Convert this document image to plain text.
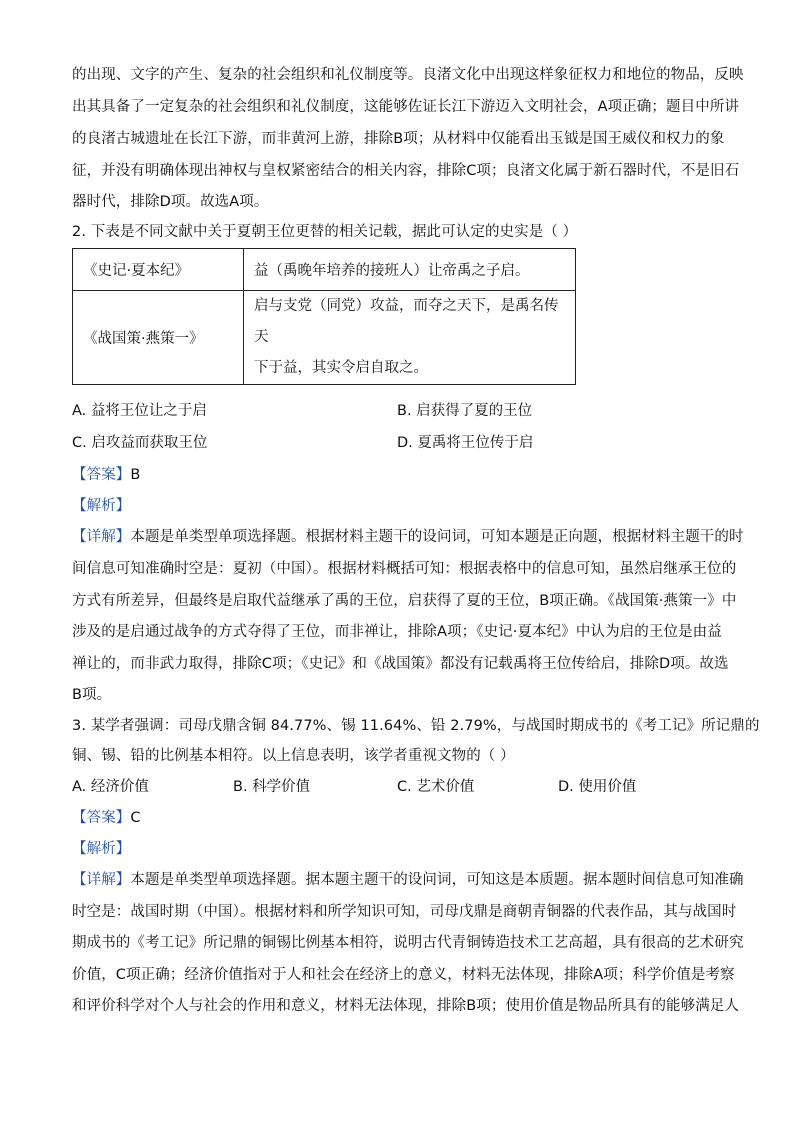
的出现、文字的产生、复杂的社会组织和礼仪制度等。良渚文化中出现这样象征权力和地位的物品，反映
出其具备了一定复杂的社会组织和礼仪制度，这能够佐证长江下游迈入文明社会，A项正确；题目中所讲
的良渚古城遗址在长江下游，而非黄河上游，排除B项；从材料中仅能看出玉钺是国王威仪和权力的象
征，并没有明确体现出神权与皇权紧密结合的相关内容，排除C项；良渚文化属于新石器时代，不是旧石
器时代，排除D项。故选A项。
2. 下表是不同文献中关于夏朝王位更替的相关记载，据此可认定的史实是（ ）
《史记·夏本纪》	益（禹晚年培养的接班人）让帝禹之子启。

《战国策·燕策一》	启与支党（同党）攻益，而夺之天下，是禹名传天
下于益，其实令启自取之。
A. 益将王位让之于启	B. 启获得了夏的王位
C. 启攻益而获取王位	D. 夏禹将王位传于启
【答案】B
【解析】
【详解】本题是单类型单项选择题。根据材料主题干的设问词，可知本题是正向题，根据材料主题干的时
间信息可知准确时空是：夏初（中国）。根据材料概括可知：根据表格中的信息可知，虽然启继承王位的
方式有所差异，但最终是启取代益继承了禹的王位，启获得了夏的王位，B项正确。《战国策·燕策一》中
涉及的是启通过战争的方式夺得了王位，而非禅让，排除A项；《史记·夏本纪》中认为启的王位是由益
禅让的，而非武力取得，排除C项；《史记》和《战国策》都没有记载禹将王位传给启，排除D项。故选
B项。
3. 某学者强调：司母戊鼎含铜 84.77%、锡 11.64%、铅 2.79%，与战国时期成书的《考工记》所记鼎的
铜、锡、铅的比例基本相符。以上信息表明，该学者重视文物的（ ）
A. 经济价值	B. 科学价值	C. 艺术价值	D. 使用价值
【答案】C
【解析】
【详解】本题是单类型单项选择题。据本题主题干的设问词，可知这是本质题。据本题时间信息可知准确
时空是：战国时期（中国）。根据材料和所学知识可知，司母戊鼎是商朝青铜器的代表作品，其与战国时
期成书的《考工记》所记鼎的铜锡比例基本相符，说明古代青铜铸造技术工艺高超，具有很高的艺术研究
价值，C项正确；经济价值指对于人和社会在经济上的意义，材料无法体现，排除A项；科学价值是考察
和评价科学对个人与社会的作用和意义，材料无法体现，排除B项；使用价值是物品所具有的能够满足人
